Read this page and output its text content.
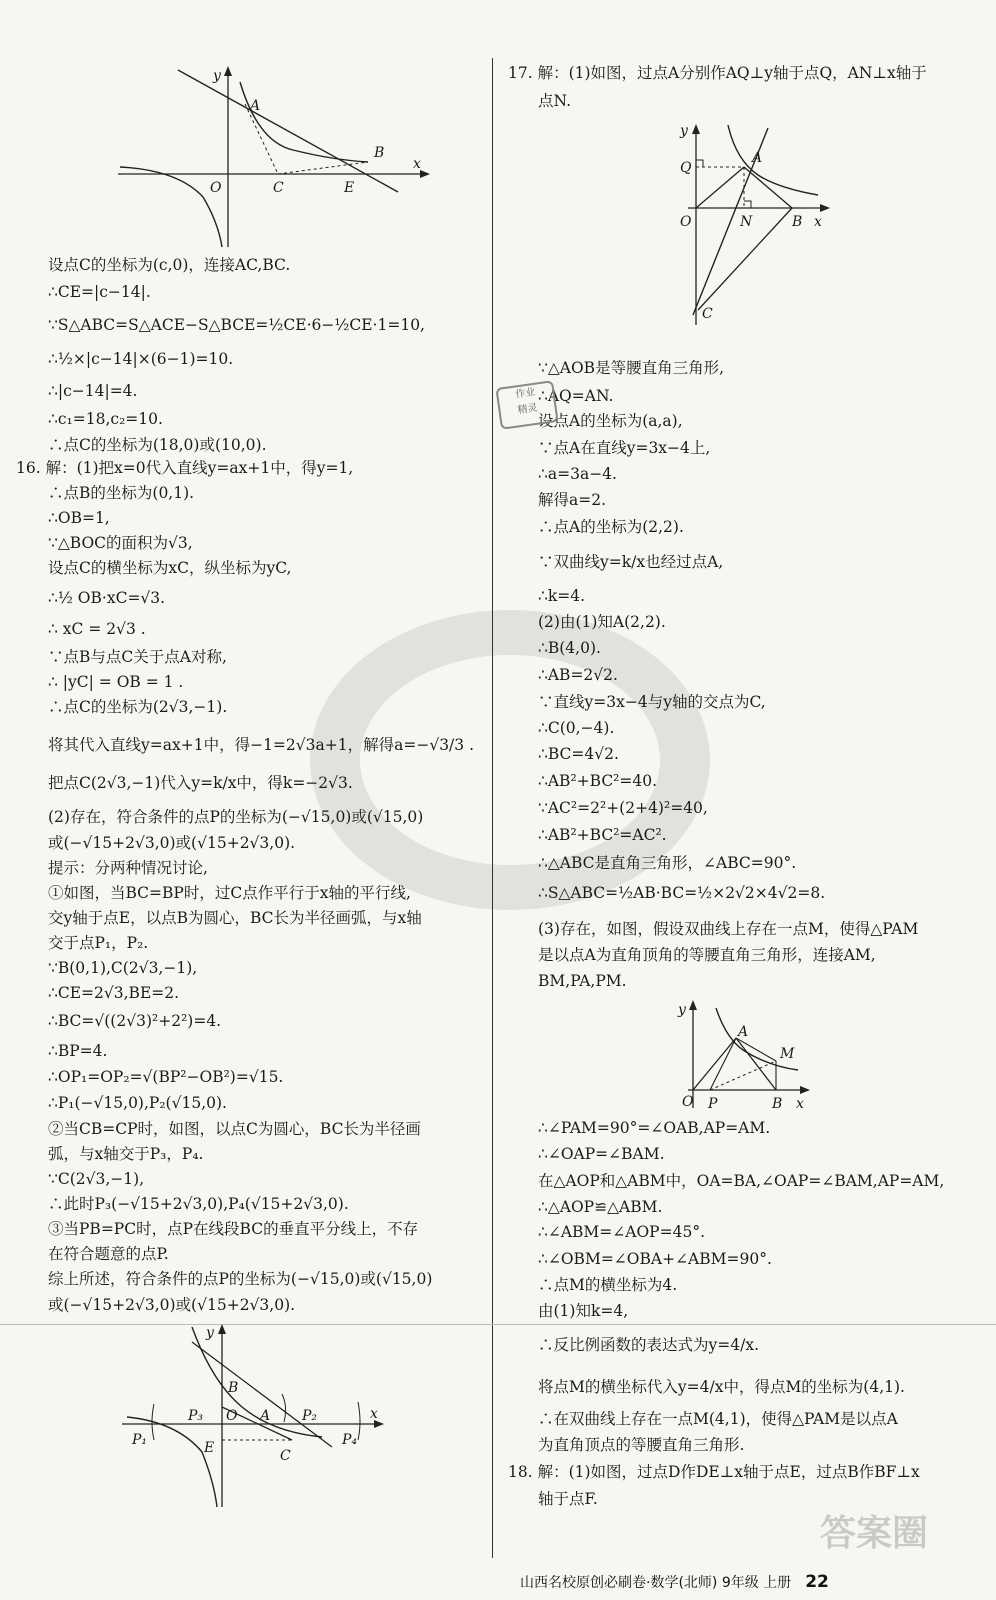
y
A
B
O	C	E
x
设点C的坐标为(c,0)，连接AC,BC.
∴CE=|c−14|.
∵S△ABC=S△ACE−S△BCE=½CE·6−½CE·1=10,
∴½×|c−14|×(6−1)=10.
∴|c−14|=4.
∴c₁=18,c₂=10.
∴点C的坐标为(18,0)或(10,0).
16. 解：(1)把x=0代入直线y=ax+1中，得y=1,
∴点B的坐标为(0,1).
∴OB=1,
∵△BOC的面积为√3,
设点C的横坐标为xC，纵坐标为yC,
∴½ OB·xC=√3.
∴ xC = 2√3 .
∵点B与点C关于点A对称,
∴ |yC| = OB = 1 .
∴点C的坐标为(2√3,−1).
将其代入直线y=ax+1中，得−1=2√3a+1，解得a=−√3/3 .
把点C(2√3,−1)代入y=k/x中，得k=−2√3.
(2)存在，符合条件的点P的坐标为(−√15,0)或(√15,0)
或(−√15+2√3,0)或(√15+2√3,0).
提示：分两种情况讨论,
①如图，当BC=BP时，过C点作平行于x轴的平行线,
交y轴于点E，以点B为圆心，BC长为半径画弧，与x轴
交于点P₁，P₂.
∵B(0,1),C(2√3,−1),
∴CE=2√3,BE=2.
∴BC=√((2√3)²+2²)=4.
∴BP=4.
∴OP₁=OP₂=√(BP²−OB²)=√15.
∴P₁(−√15,0),P₂(√15,0).
②当CB=CP时，如图，以点C为圆心，BC长为半径画
弧，与x轴交于P₃，P₄.
∵C(2√3,−1),
∴此时P₃(−√15+2√3,0),P₄(√15+2√3,0).
③当PB=PC时，点P在线段BC的垂直平分线上，不存
在符合题意的点P.
综上所述，符合条件的点P的坐标为(−√15,0)或(√15,0)
或(−√15+2√3,0)或(√15+2√3,0).
y
B
P₃ O A P₂
P₁	E	C
P₄
x
17. 解：(1)如图，过点A分别作AQ⊥y轴于点Q，AN⊥x轴于
点N.
y
Q
A
O	N	B x
C
∵△AOB是等腰直角三角形,
∴AQ=AN.
设点A的坐标为(a,a),
∵点A在直线y=3x−4上,
∴a=3a−4.
解得a=2.
∴点A的坐标为(2,2).
∵双曲线y=k/x也经过点A,
∴k=4.
(2)由(1)知A(2,2).
∴B(4,0).
∴AB=2√2.
∵直线y=3x−4与y轴的交点为C,
∴C(0,−4).
∴BC=4√2.
∴AB²+BC²=40.
∵AC²=2²+(2+4)²=40,
∴AB²+BC²=AC².
∴△ABC是直角三角形，∠ABC=90°.
∴S△ABC=½AB·BC=½×2√2×4√2=8.
(3)存在，如图，假设双曲线上存在一点M，使得△PAM
是以点A为直角顶角的等腰直角三角形，连接AM,
BM,PA,PM.
y
A
M
O P	B x
∴∠PAM=90°=∠OAB,AP=AM.
∴∠OAP=∠BAM.
在△AOP和△ABM中，OA=BA,∠OAP=∠BAM,AP=AM,
∴△AOP≌△ABM.
∴∠ABM=∠AOP=45°.
∴∠OBM=∠OBA+∠ABM=90°.
∴点M的横坐标为4.
由(1)知k=4,
∴反比例函数的表达式为y=4/x.
将点M的横坐标代入y=4/x中，得点M的坐标为(4,1).
∴在双曲线上存在一点M(4,1)，使得△PAM是以点A
为直角顶点的等腰直角三角形.
18. 解：(1)如图，过点D作DE⊥x轴于点E，过点B作BF⊥x
轴于点F.
作业
精灵
答案圈
山西名校原创必刷卷·数学(北师) 9年级 上册 22
